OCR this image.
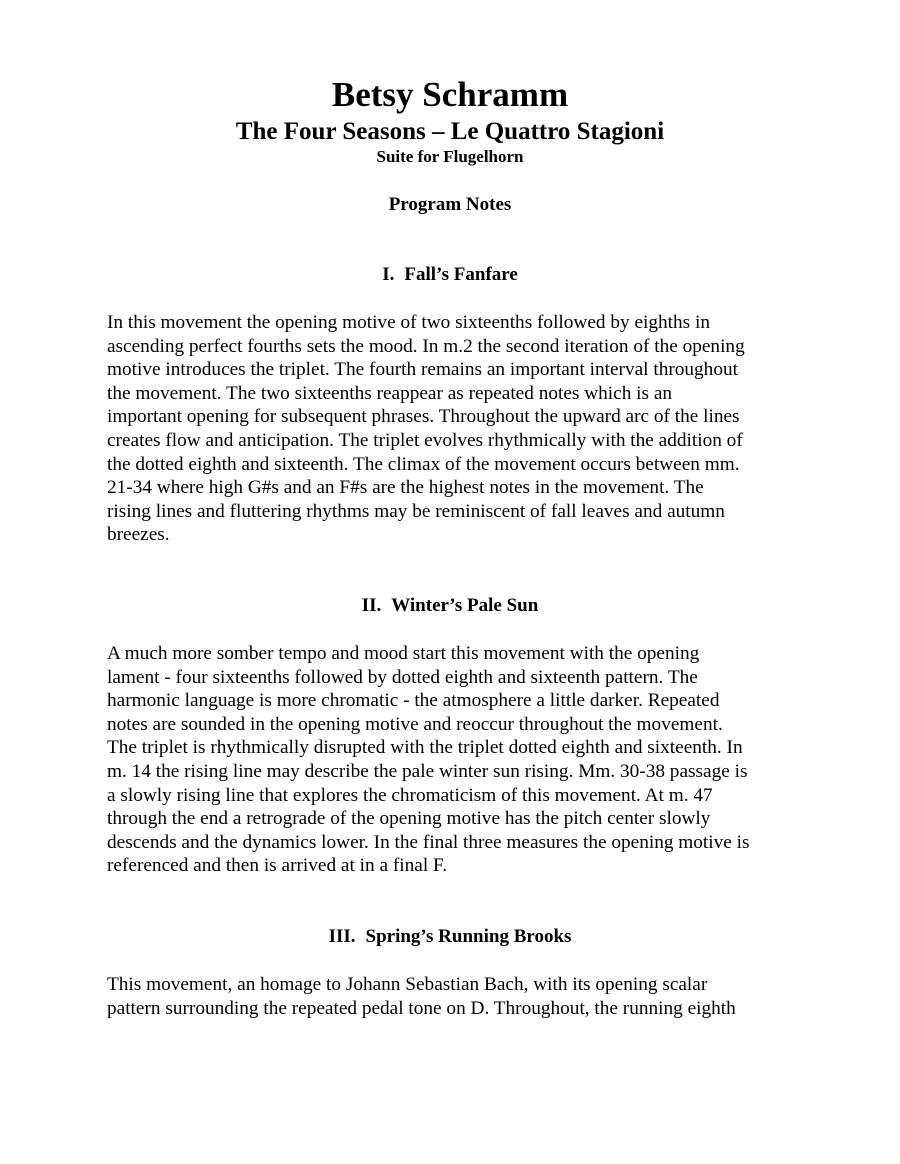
Betsy Schramm
The Four Seasons – Le Quattro Stagioni
Suite for Flugelhorn
Program Notes
I. Fall’s Fanfare
In this movement the opening motive of two sixteenths followed by eighths in
ascending perfect fourths sets the mood. In m.2 the second iteration of the opening
motive introduces the triplet. The fourth remains an important interval throughout
the movement. The two sixteenths reappear as repeated notes which is an
important opening for subsequent phrases. Throughout the upward arc of the lines
creates flow and anticipation. The triplet evolves rhythmically with the addition of
the dotted eighth and sixteenth. The climax of the movement occurs between mm.
21-34 where high G#s and an F#s are the highest notes in the movement. The
rising lines and fluttering rhythms may be reminiscent of fall leaves and autumn
breezes.
II. Winter’s Pale Sun
A much more somber tempo and mood start this movement with the opening
lament - four sixteenths followed by dotted eighth and sixteenth pattern. The
harmonic language is more chromatic - the atmosphere a little darker. Repeated
notes are sounded in the opening motive and reoccur throughout the movement.
The triplet is rhythmically disrupted with the triplet dotted eighth and sixteenth. In
m. 14 the rising line may describe the pale winter sun rising. Mm. 30-38 passage is
a slowly rising line that explores the chromaticism of this movement. At m. 47
through the end a retrograde of the opening motive has the pitch center slowly
descends and the dynamics lower. In the final three measures the opening motive is
referenced and then is arrived at in a final F.
III. Spring’s Running Brooks
This movement, an homage to Johann Sebastian Bach, with its opening scalar
pattern surrounding the repeated pedal tone on D. Throughout, the running eighth
